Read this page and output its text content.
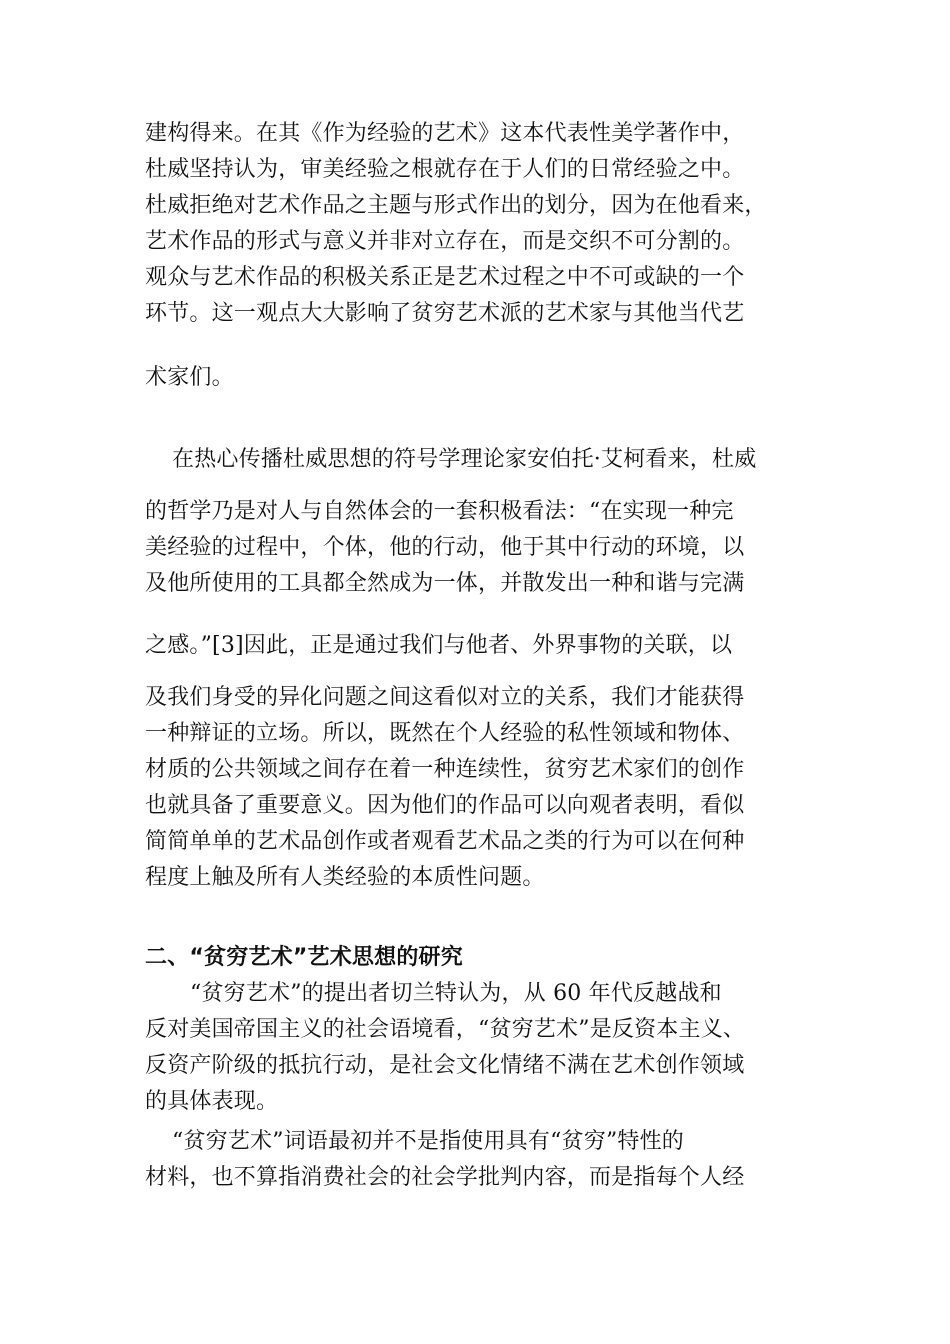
建构得来。在其《作为经验的艺术》这本代表性美学著作中，
杜威坚持认为，审美经验之根就存在于人们的日常经验之中。
杜威拒绝对艺术作品之主题与形式作出的划分，因为在他看来，
艺术作品的形式与意义并非对立存在，而是交织不可分割的。
观众与艺术作品的积极关系正是艺术过程之中不可或缺的一个
环节。这一观点大大影响了贫穷艺术派的艺术家与其他当代艺
术家们。
在热心传播杜威思想的符号学理论家安伯托·艾柯看来，杜威
的哲学乃是对人与自然体会的一套积极看法：“在实现一种完
美经验的过程中，个体，他的行动，他于其中行动的环境，以
及他所使用的工具都全然成为一体，并散发出一种和谐与完满
之感。”[3]因此，正是通过我们与他者、外界事物的关联，以
及我们身受的异化问题之间这看似对立的关系，我们才能获得
一种辩证的立场。所以，既然在个人经验的私性领域和物体、
材质的公共领域之间存在着一种连续性，贫穷艺术家们的创作
也就具备了重要意义。因为他们的作品可以向观者表明，看似
简简单单的艺术品创作或者观看艺术品之类的行为可以在何种
程度上触及所有人类经验的本质性问题。
二、“贫穷艺术”艺术思想的研究
“贫穷艺术”的提出者切兰特认为，从 60 年代反越战和
反对美国帝国主义的社会语境看，“贫穷艺术”是反资本主义、
反资产阶级的抵抗行动，是社会文化情绪不满在艺术创作领域
的具体表现。
“贫穷艺术”词语最初并不是指使用具有“贫穷”特性的
材料，也不算指消费社会的社会学批判内容，而是指每个人经
